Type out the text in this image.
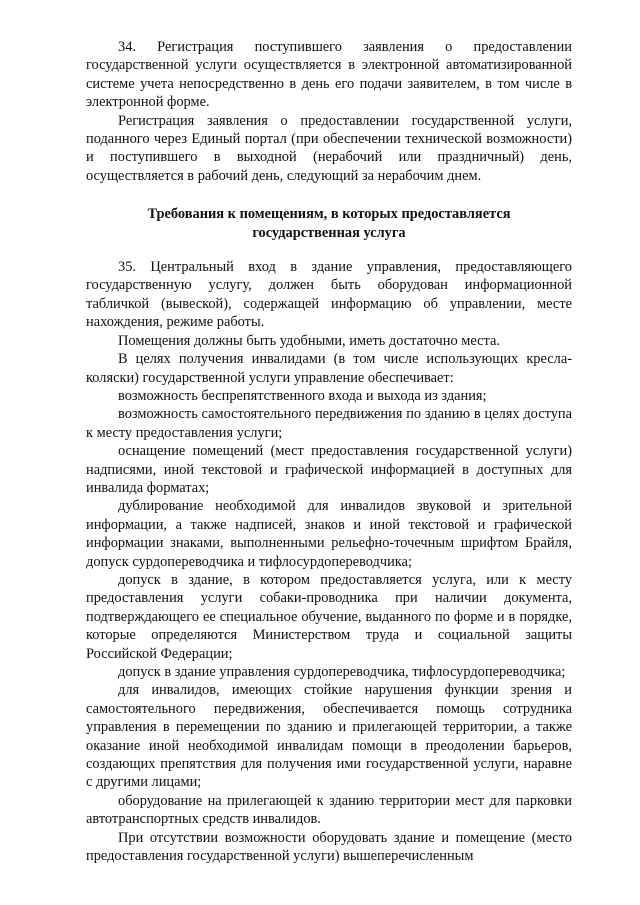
34. Регистрация поступившего заявления о предоставлении государственной услуги осуществляется в электронной автоматизированной системе учета непосредственно в день его подачи заявителем, в том числе в электронной форме.

Регистрация заявления о предоставлении государственной услуги, поданного через Единый портал (при обеспечении технической возможности) и поступившего в выходной (нерабочий или праздничный) день, осуществляется в рабочий день, следующий за нерабочим днем.

Требования к помещениям, в которых предоставляется государственная услуга

35. Центральный вход в здание управления, предоставляющего государственную услугу, должен быть оборудован информационной табличкой (вывеской), содержащей информацию об управлении, месте нахождения, режиме работы.

Помещения должны быть удобными, иметь достаточно места.

В целях получения инвалидами (в том числе использующих кресла-коляски) государственной услуги управление обеспечивает:

возможность беспрепятственного входа и выхода из здания;

возможность самостоятельного передвижения по зданию в целях доступа к месту предоставления услуги;

оснащение помещений (мест предоставления государственной услуги) надписями, иной текстовой и графической информацией в доступных для инвалида форматах;

дублирование необходимой для инвалидов звуковой и зрительной информации, а также надписей, знаков и иной текстовой и графической информации знаками, выполненными рельефно-точечным шрифтом Брайля, допуск сурдопереводчика и тифлосурдопереводчика;

допуск в здание, в котором предоставляется услуга, или к месту предоставления услуги собаки-проводника при наличии документа, подтверждающего ее специальное обучение, выданного по форме и в порядке, которые определяются Министерством труда и социальной защиты Российской Федерации;

допуск в здание управления сурдопереводчика, тифлосурдопереводчика;

для инвалидов, имеющих стойкие нарушения функции зрения и самостоятельного передвижения, обеспечивается помощь сотрудника управления в перемещении по зданию и прилегающей территории, а также оказание иной необходимой инвалидам помощи в преодолении барьеров, создающих препятствия для получения ими государственной услуги, наравне с другими лицами;

оборудование на прилегающей к зданию территории мест для парковки автотранспортных средств инвалидов.

При отсутствии возможности оборудовать здание и помещение (место предоставления государственной услуги) вышеперечисленным
